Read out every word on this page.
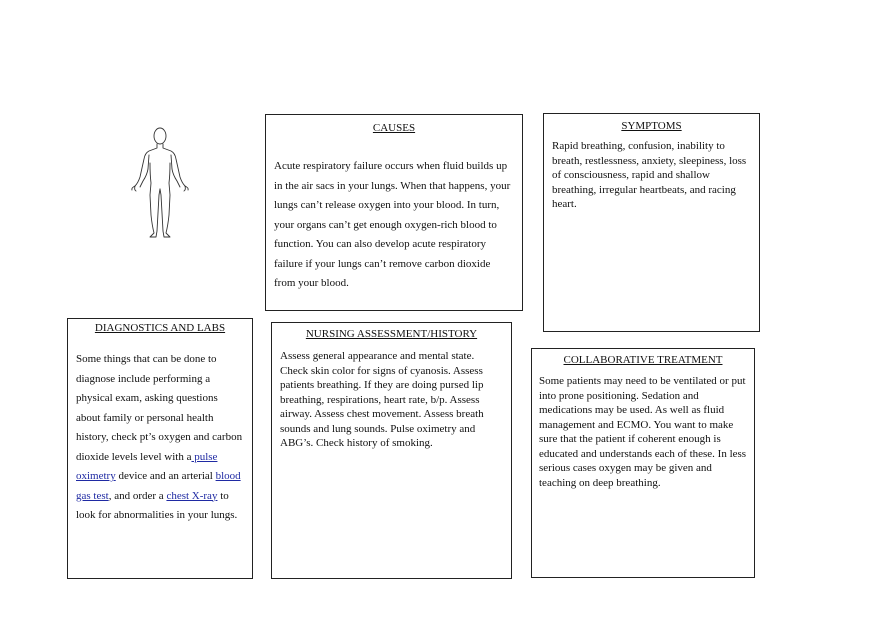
CAUSES

Acute respiratory failure occurs when fluid builds up in the air sacs in your lungs. When that happens, your lungs can’t release oxygen into your blood. In turn, your organs can’t get enough oxygen-rich blood to function. You can also develop acute respiratory failure if your lungs can’t remove carbon dioxide from your blood.

SYMPTOMS

Rapid breathing, confusion, inability to breath, restlessness, anxiety, sleepiness, loss of consciousness, rapid and shallow breathing, irregular heartbeats, and racing heart.

DIAGNOSTICS AND LABS

Some things that can be done to diagnose include performing a physical exam, asking questions about family or personal health history, check pt’s oxygen and carbon dioxide levels level with a pulse oximetry device and an arterial blood gas test, and order a chest X-ray to look for abnormalities in your lungs.

NURSING ASSESSMENT/HISTORY

Assess general appearance and mental state. Check skin color for signs of cyanosis. Assess patients breathing. If they are doing pursed lip breathing, respirations, heart rate, b/p. Assess airway. Assess chest movement. Assess breath sounds and lung sounds. Pulse oximetry and ABG’s. Check history of smoking.

COLLABORATIVE TREATMENT

Some patients may need to be ventilated or put into prone positioning. Sedation and medications may be used. As well as fluid management and ECMO. You want to make sure that the patient if coherent enough is educated and understands each of these. In less serious cases oxygen may be given and teaching on deep breathing.
